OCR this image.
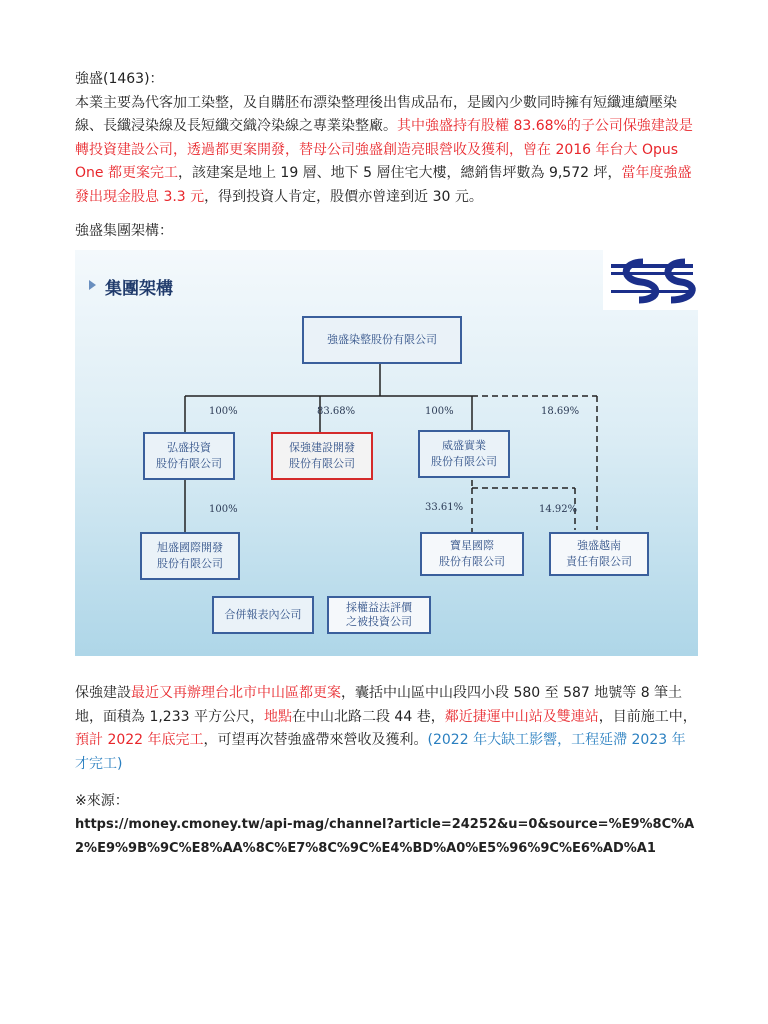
強盛(1463)：
本業主要為代客加工染整，及自購胚布漂染整理後出售成品布，是國內少數同時擁有短纖連續壓染線、長纖浸染線及長短纖交織冷染線之專業染整廠。其中強盛持有股權 83.68%的子公司保強建設是轉投資建設公司，透過都更案開發，替母公司強盛創造亮眼營收及獲利，曾在 2016 年台大 Opus One 都更案完工，該建案是地上 19 層、地下 5 層住宅大樓，總銷售坪數為 9,572 坪，當年度強盛發出現金股息 3.3 元，得到投資人肯定，股價亦曾達到近 30 元。
強盛集團架構：
集團架構
強盛染整股份有限公司
弘盛投資
股份有限公司
保強建設開發
股份有限公司
威盛實業
股份有限公司
旭盛國際開發
股份有限公司
寶星國際
股份有限公司
強盛越南
責任有限公司
合併報表內公司
採權益法評價
之被投資公司
100%	83.68%	100%	18.69%
100%	33.61%	14.92%
保強建設最近又再辦理台北市中山區都更案，囊括中山區中山段四小段 580 至 587 地號等 8 筆土地，面積為 1,233 平方公尺，地點在中山北路二段 44 巷，鄰近捷運中山站及雙連站，目前施工中，預計 2022 年底完工，可望再次替強盛帶來營收及獲利。(2022 年大缺工影響，工程延滯 2023 年才完工)
※來源：
https://money.cmoney.tw/api-mag/channel?article=24252&u=0&source=%E9%8C%A2%E9%9B%9C%E8%AA%8C%E7%8C%9C%E4%BD%A0%E5%96%9C%E6%AD%A1
